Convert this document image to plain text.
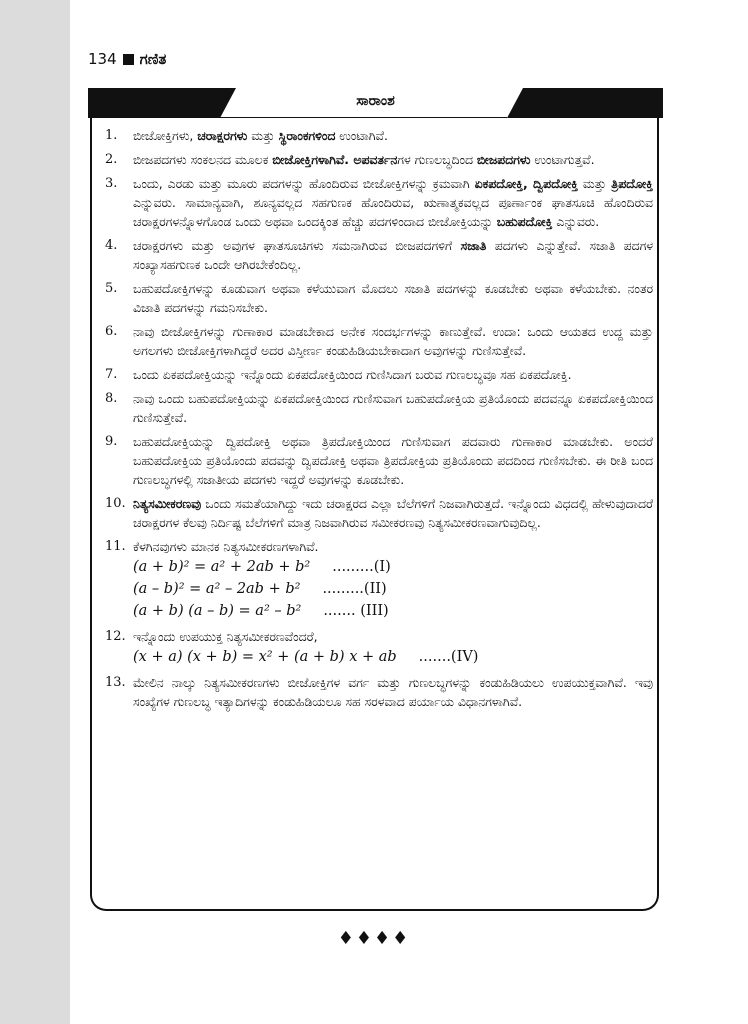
134 ಗಣಿತ
ಸಾರಾಂಶ
1. ಬೀಜೋಕ್ತಿಗಳು, ಚರಾಕ್ಷರಗಳು ಮತ್ತು ಸ್ಥಿರಾಂಕಗಳಿಂದ ಉಂಟಾಗಿವೆ.
2. ಬೀಜಪದಗಳು ಸಂಕಲನದ ಮೂಲಕ ಬೀಜೋಕ್ತಿಗಳಾಗಿವೆ. ಅಪವರ್ತನಗಳ ಗುಣಲಬ್ಧದಿಂದ ಬೀಜಪದಗಳು ಉಂಟಾಗುತ್ತವೆ.
3. ಒಂದು, ಎರಡು ಮತ್ತು ಮೂರು ಪದಗಳನ್ನು ಹೊಂದಿರುವ ಬೀಜೋಕ್ತಿಗಳನ್ನು ಕ್ರಮವಾಗಿ ಏಕಪದೋಕ್ತಿ, ದ್ವಿಪದೋಕ್ತಿ ಮತ್ತು ತ್ರಿಪದೋಕ್ತಿ ಎನ್ನುವರು. ಸಾಮಾನ್ಯವಾಗಿ, ಶೂನ್ಯವಲ್ಲದ ಸಹಗುಣಕ ಹೊಂದಿರುವ, ಋಣಾತ್ಮಕವಲ್ಲದ ಪೂರ್ಣಾಂಕ ಘಾತಸೂಚಿ ಹೊಂದಿರುವ ಚರಾಕ್ಷರಗಳನ್ನೊಳಗೊಂಡ ಒಂದು ಅಥವಾ ಒಂದಕ್ಕಿಂತ ಹೆಚ್ಚು ಪದಗಳಿಂದಾದ ಬೀಜೋಕ್ತಿಯನ್ನು ಬಹುಪದೋಕ್ತಿ ಎನ್ನುವರು.
4. ಚರಾಕ್ಷರಗಳು ಮತ್ತು ಅವುಗಳ ಘಾತಸೂಚಿಗಳು ಸಮನಾಗಿರುವ ಬೀಜಪದಗಳಿಗೆ ಸಜಾತಿ ಪದಗಳು ಎನ್ನುತ್ತೇವೆ. ಸಜಾತಿ ಪದಗಳ ಸಂಖ್ಯಾಸಹಗುಣಕ ಒಂದೇ ಆಗಿರಬೇಕೆಂದಿಲ್ಲ.
5. ಬಹುಪದೋಕ್ತಿಗಳನ್ನು ಕೂಡುವಾಗ ಅಥವಾ ಕಳೆಯುವಾಗ ಮೊದಲು ಸಜಾತಿ ಪದಗಳನ್ನು ಕೂಡಬೇಕು ಅಥವಾ ಕಳೆಯಬೇಕು. ನಂತರ ವಿಜಾತಿ ಪದಗಳನ್ನು ಗಮನಿಸಬೇಕು.
6. ನಾವು ಬೀಜೋಕ್ತಿಗಳನ್ನು ಗುಣಾಕಾರ ಮಾಡಬೇಕಾದ ಅನೇಕ ಸಂದರ್ಭಗಳನ್ನು ಕಾಣುತ್ತೇವೆ. ಉದಾ: ಒಂದು ಆಯತದ ಉದ್ದ ಮತ್ತು ಅಗಲಗಳು ಬೀಜೋಕ್ತಿಗಳಾಗಿದ್ದರೆ ಅದರ ವಿಸ್ತೀರ್ಣ ಕಂಡುಹಿಡಿಯಬೇಕಾದಾಗ ಅವುಗಳನ್ನು ಗುಣಿಸುತ್ತೇವೆ.
7. ಒಂದು ಏಕಪದೋಕ್ತಿಯನ್ನು ಇನ್ನೊಂದು ಏಕಪದೋಕ್ತಿಯಿಂದ ಗುಣಿಸಿದಾಗ ಬರುವ ಗುಣಲಬ್ಧವೂ ಸಹ ಏಕಪದೋಕ್ತಿ.
8. ನಾವು ಒಂದು ಬಹುಪದೋಕ್ತಿಯನ್ನು ಏಕಪದೋಕ್ತಿಯಿಂದ ಗುಣಿಸುವಾಗ ಬಹುಪದೋಕ್ತಿಯ ಪ್ರತಿಯೊಂದು ಪದವನ್ನೂ ಏಕಪದೋಕ್ತಿಯಿಂದ ಗುಣಿಸುತ್ತೇವೆ.
9. ಬಹುಪದೋಕ್ತಿಯನ್ನು ದ್ವಿಪದೋಕ್ತಿ ಅಥವಾ ತ್ರಿಪದೋಕ್ತಿಯಿಂದ ಗುಣಿಸುವಾಗ ಪದವಾರು ಗುಣಾಕಾರ ಮಾಡಬೇಕು. ಅಂದರೆ ಬಹುಪದೋಕ್ತಿಯ ಪ್ರತಿಯೊಂದು ಪದವನ್ನು ದ್ವಿಪದೋಕ್ತಿ ಅಥವಾ ತ್ರಿಪದೋಕ್ತಿಯ ಪ್ರತಿಯೊಂದು ಪದದಿಂದ ಗುಣಿಸಬೇಕು. ಈ ರೀತಿ ಬಂದ ಗುಣಲಬ್ಧಗಳಲ್ಲಿ ಸಜಾತೀಯ ಪದಗಳು ಇದ್ದರೆ ಅವುಗಳನ್ನು ಕೂಡಬೇಕು.
10. ನಿತ್ಯಸಮೀಕರಣವು ಒಂದು ಸಮತೆಯಾಗಿದ್ದು ಇದು ಚರಾಕ್ಷರದ ಎಲ್ಲಾ ಬೆಲೆಗಳಿಗೆ ನಿಜವಾಗಿರುತ್ತದೆ. ಇನ್ನೊಂದು ವಿಧದಲ್ಲಿ ಹೇಳುವುದಾದರೆ ಚರಾಕ್ಷರಗಳ ಕೆಲವು ನಿರ್ದಿಷ್ಟ ಬೆಲೆಗಳಿಗೆ ಮಾತ್ರ ನಿಜವಾಗಿರುವ ಸಮೀಕರಣವು ನಿತ್ಯಸಮೀಕರಣವಾಗುವುದಿಲ್ಲ.
11. ಕೆಳಗಿನವುಗಳು ಮಾನಕ ನಿತ್ಯಸಮೀಕರಣಗಳಾಗಿವೆ.
(a + b)² = a² + 2ab + b² .........(I)
(a – b)² = a² – 2ab + b² .........(II)
(a + b) (a – b) = a² – b² ....... (III)
12. ಇನ್ನೊಂದು ಉಪಯುಕ್ತ ನಿತ್ಯಸಮೀಕರಣವೆಂದರೆ,
(x + a) (x + b) = x² + (a + b) x + ab .......(IV)
13. ಮೇಲಿನ ನಾಲ್ಕು ನಿತ್ಯಸಮೀಕರಣಗಳು ಬೀಜೋಕ್ತಿಗಳ ವರ್ಗ ಮತ್ತು ಗುಣಲಬ್ಧಗಳನ್ನು ಕಂಡುಹಿಡಿಯಲು ಉಪಯುಕ್ತವಾಗಿವೆ. ಇವು ಸಂಖ್ಯೆಗಳ ಗುಣಲಬ್ಧ ಇತ್ಯಾದಿಗಳನ್ನು ಕಂಡುಹಿಡಿಯಲೂ ಸಹ ಸರಳವಾದ ಪರ್ಯಾಯ ವಿಧಾನಗಳಾಗಿವೆ.
♦♦♦♦
